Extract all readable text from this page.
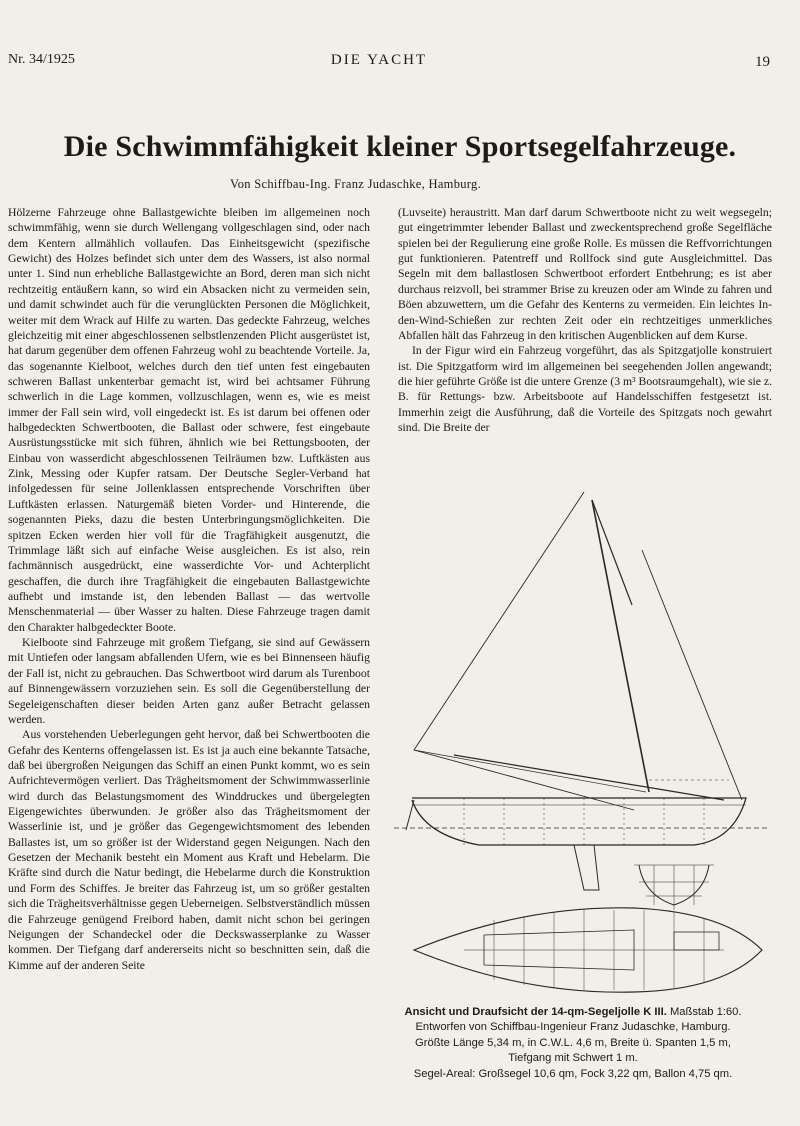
Nr. 34/1925	DIE YACHT	19
Die Schwimmfähigkeit kleiner Sportsegelfahrzeuge.
Von Schiffbau-Ing. Franz Judaschke, Hamburg.

Hölzerne Fahrzeuge ohne Ballastgewichte bleiben im allgemeinen noch schwimmfähig, wenn sie durch Wellengang vollgeschlagen sind, oder nach dem Kentern allmählich vollaufen. Das Einheitsgewicht (spezifische Gewicht) des Holzes befindet sich unter dem des Wassers, ist also normal unter 1. Sind nun erhebliche Ballastgewichte an Bord, deren man sich nicht rechtzeitig entäußern kann, so wird ein Absacken nicht zu vermeiden sein, und damit schwindet auch für die verunglückten Personen die Möglichkeit, weiter mit dem Wrack auf Hilfe zu warten. Das gedeckte Fahrzeug, welches gleichzeitig mit einer abgeschlossenen selbstlenzenden Plicht ausgerüstet ist, hat darum gegenüber dem offenen Fahrzeug wohl zu beachtende Vorteile. Ja, das sogenannte Kielboot, welches durch den tief unten fest eingebauten schweren Ballast unkenterbar gemacht ist, wird bei achtsamer Führung schwerlich in die Lage kommen, vollzuschlagen, wenn es, wie es meist immer der Fall sein wird, voll eingedeckt ist. Es ist darum bei offenen oder halbgedeckten Schwertbooten, die Ballast oder schwere, fest eingebaute Ausrüstungsstücke mit sich führen, ähnlich wie bei Rettungsbooten, der Einbau von wasserdicht abgeschlossenen Teilräumen bzw. Luftkästen aus Zink, Messing oder Kupfer ratsam. Der Deutsche Segler-Verband hat infolgedessen für seine Jollenklassen entsprechende Vorschriften über Luftkästen erlassen. Naturgemäß bieten Vorder- und Hinterende, die sogenannten Pieks, dazu die besten Unterbringungsmöglichkeiten. Die spitzen Ecken werden hier voll für die Tragfähigkeit ausgenutzt, die Trimmlage läßt sich auf einfache Weise ausgleichen. Es ist also, rein fachmännisch ausgedrückt, eine wasserdichte Vor- und Achterplicht geschaffen, die durch ihre Tragfähigkeit die eingebauten Ballastgewichte aufhebt und imstande ist, den lebenden Ballast — das wertvolle Menschenmaterial — über Wasser zu halten. Diese Fahrzeuge tragen damit den Charakter halbgedeckter Boote.

Kielboote sind Fahrzeuge mit großem Tiefgang, sie sind auf Gewässern mit Untiefen oder langsam abfallenden Ufern, wie es bei Binnenseen häufig der Fall ist, nicht zu gebrauchen. Das Schwertboot wird darum als Turenboot auf Binnengewässern vorzuziehen sein. Es soll die Gegenüberstellung der Segeleigenschaften dieser beiden Arten ganz außer Betracht gelassen werden.

Aus vorstehenden Ueberlegungen geht hervor, daß bei Schwertbooten die Gefahr des Kenterns offengelassen ist. Es ist ja auch eine bekannte Tatsache, daß bei übergroßen Neigungen das Schiff an einen Punkt kommt, wo es sein Aufrichtevermögen verliert. Das Trägheitsmoment der Schwimmwasserlinie wird durch das Belastungsmoment des Winddruckes und übergelegten Eigengewichtes überwunden. Je größer also das Trägheitsmoment der Wasserlinie ist, und je größer das Gegengewichtsmoment des lebenden Ballastes ist, um so größer ist der Widerstand gegen Neigungen. Nach den Gesetzen der Mechanik besteht ein Moment aus Kraft und Hebelarm. Die Kräfte sind durch die Natur bedingt, die Hebelarme durch die Konstruktion und Form des Schiffes. Je breiter das Fahrzeug ist, um so größer gestalten sich die Trägheitsverhältnisse gegen Ueberneigen. Selbstverständlich müssen die Fahrzeuge genügend Freibord haben, damit nicht schon bei geringen Neigungen der Schandeckel oder die Deckswasserplanke zu Wasser kommen. Der Tiefgang darf andererseits nicht so beschnitten sein, daß die Kimme auf der anderen Seite

(Luvseite) heraustritt. Man darf darum Schwertboote nicht zu weit wegsegeln; gut eingetrimmter lebender Ballast und zweckentsprechend große Segelfläche spielen bei der Regulierung eine große Rolle. Es müssen die Reffvorrichtungen gut funktionieren. Patentreff und Rollfock sind gute Ausgleichmittel. Das Segeln mit dem ballastlosen Schwertboot erfordert Entbehrung; es ist aber durchaus reizvoll, bei strammer Brise zu kreuzen oder am Winde zu fahren und Böen abzuwettern, um die Gefahr des Kenterns zu vermeiden. Ein leichtes In-den-Wind-Schießen zur rechten Zeit oder ein rechtzeitiges unmerkliches Abfallen hält das Fahrzeug in den kritischen Augenblicken auf dem Kurse.

In der Figur wird ein Fahrzeug vorgeführt, das als Spitzgatjolle konstruiert ist. Die Spitzgatform wird im allgemeinen bei seegehenden Jollen angewandt; die hier geführte Größe ist die untere Grenze (3 m³ Bootsraumgehalt), wie sie z. B. für Rettungs- bzw. Arbeitsboote auf Handelsschiffen festgesetzt ist. Immerhin zeigt die Ausführung, daß die Vorteile des Spitzgats noch gewahrt sind. Die Breite der

Ansicht und Draufsicht der 14-qm-Segeljolle K III. Maßstab 1:60.
Entworfen von Schiffbau-Ingenieur Franz Judaschke, Hamburg.
Größte Länge 5,34 m, in C.W.L. 4,6 m, Breite ü. Spanten 1,5 m,
Tiefgang mit Schwert 1 m.
Segel-Areal: Großsegel 10,6 qm, Fock 3,22 qm, Ballon 4,75 qm.
